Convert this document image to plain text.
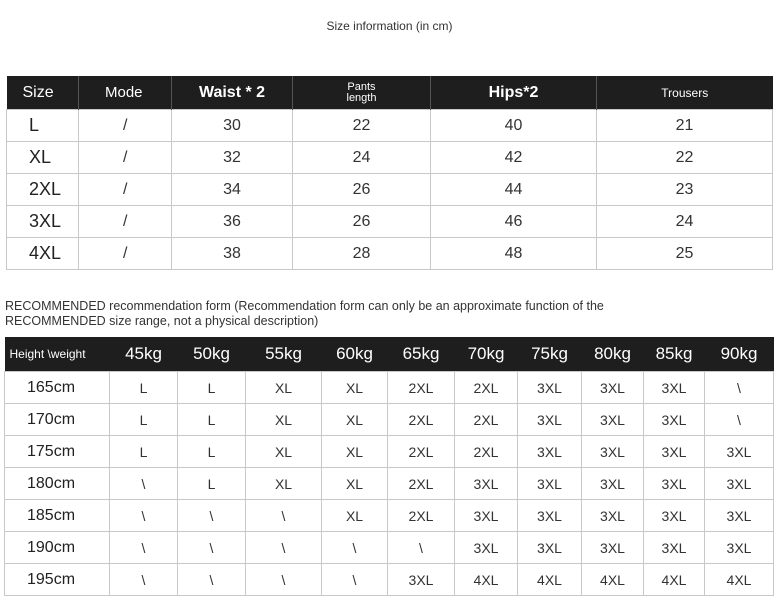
Size information (in cm)
Size	Mode	Waist * 2	Pants length	Hips*2	Trousers
L	/	30	22	40	21
XL	/	32	24	42	22
2XL	/	34	26	44	23
3XL	/	36	26	46	24
4XL	/	38	28	48	25
RECOMMENDED recommendation form (Recommendation form can only be an approximate function of the RECOMMENDED size range, not a physical description)
Height \weight	45kg	50kg	55kg	60kg	65kg	70kg	75kg	80kg	85kg	90kg
165cm	L	L	XL	XL	2XL	2XL	3XL	3XL	3XL	\
170cm	L	L	XL	XL	2XL	2XL	3XL	3XL	3XL	\
175cm	L	L	XL	XL	2XL	2XL	3XL	3XL	3XL	3XL
180cm	\	L	XL	XL	2XL	3XL	3XL	3XL	3XL	3XL
185cm	\	\	\	XL	2XL	3XL	3XL	3XL	3XL	3XL
190cm	\	\	\	\	\	3XL	3XL	3XL	3XL	3XL
195cm	\	\	\	\	3XL	4XL	4XL	4XL	4XL	4XL
